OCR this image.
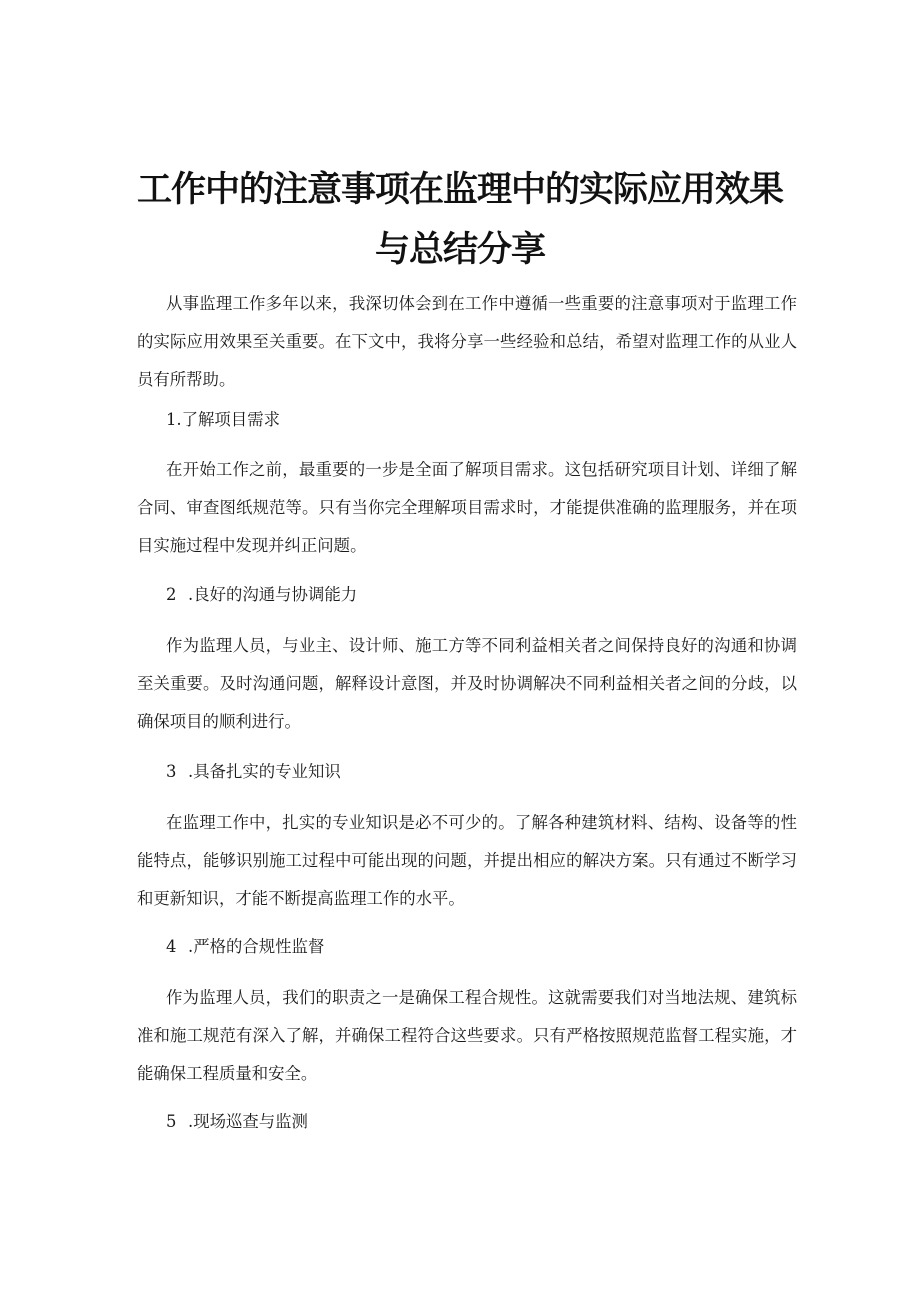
工作中的注意事项在监理中的实际应用效果
与总结分享

从事监理工作多年以来，我深切体会到在工作中遵循一些重要的注意事项对于监理工作的实际应用效果至关重要。在下文中，我将分享一些经验和总结，希望对监理工作的从业人员有所帮助。

1.了解项目需求

在开始工作之前，最重要的一步是全面了解项目需求。这包括研究项目计划、详细了解合同、审查图纸规范等。只有当你完全理解项目需求时，才能提供准确的监理服务，并在项目实施过程中发现并纠正问题。

2 .良好的沟通与协调能力

作为监理人员，与业主、设计师、施工方等不同利益相关者之间保持良好的沟通和协调至关重要。及时沟通问题，解释设计意图，并及时协调解决不同利益相关者之间的分歧，以确保项目的顺利进行。

3 .具备扎实的专业知识

在监理工作中，扎实的专业知识是必不可少的。了解各种建筑材料、结构、设备等的性能特点，能够识别施工过程中可能出现的问题，并提出相应的解决方案。只有通过不断学习和更新知识，才能不断提高监理工作的水平。

4 .严格的合规性监督

作为监理人员，我们的职责之一是确保工程合规性。这就需要我们对当地法规、建筑标准和施工规范有深入了解，并确保工程符合这些要求。只有严格按照规范监督工程实施，才能确保工程质量和安全。

5 .现场巡查与监测
